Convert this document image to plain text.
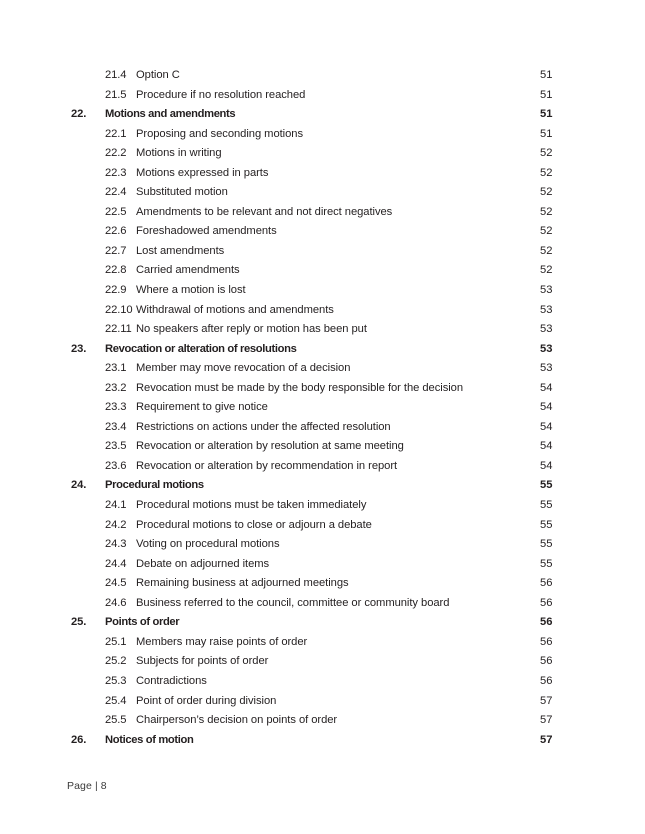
21.4 Option C	51
21.5 Procedure if no resolution reached	51
22. Motions and amendments	51
22.1 Proposing and seconding motions	51
22.2 Motions in writing	52
22.3 Motions expressed in parts	52
22.4 Substituted motion	52
22.5 Amendments to be relevant and not direct negatives	52
22.6 Foreshadowed amendments	52
22.7 Lost amendments	52
22.8 Carried amendments	52
22.9 Where a motion is lost	53
22.10 Withdrawal of motions and amendments	53
22.11 No speakers after reply or motion has been put	53
23. Revocation or alteration of resolutions	53
23.1 Member may move revocation of a decision	53
23.2 Revocation must be made by the body responsible for the decision	54
23.3 Requirement to give notice	54
23.4 Restrictions on actions under the affected resolution	54
23.5 Revocation or alteration by resolution at same meeting	54
23.6 Revocation or alteration by recommendation in report	54
24. Procedural motions	55
24.1 Procedural motions must be taken immediately	55
24.2 Procedural motions to close or adjourn a debate	55
24.3 Voting on procedural motions	55
24.4 Debate on adjourned items	55
24.5 Remaining business at adjourned meetings	56
24.6 Business referred to the council, committee or community board	56
25. Points of order	56
25.1 Members may raise points of order	56
25.2 Subjects for points of order	56
25.3 Contradictions	56
25.4 Point of order during division	57
25.5 Chairperson’s decision on points of order	57
26. Notices of motion	57
Page | 8
